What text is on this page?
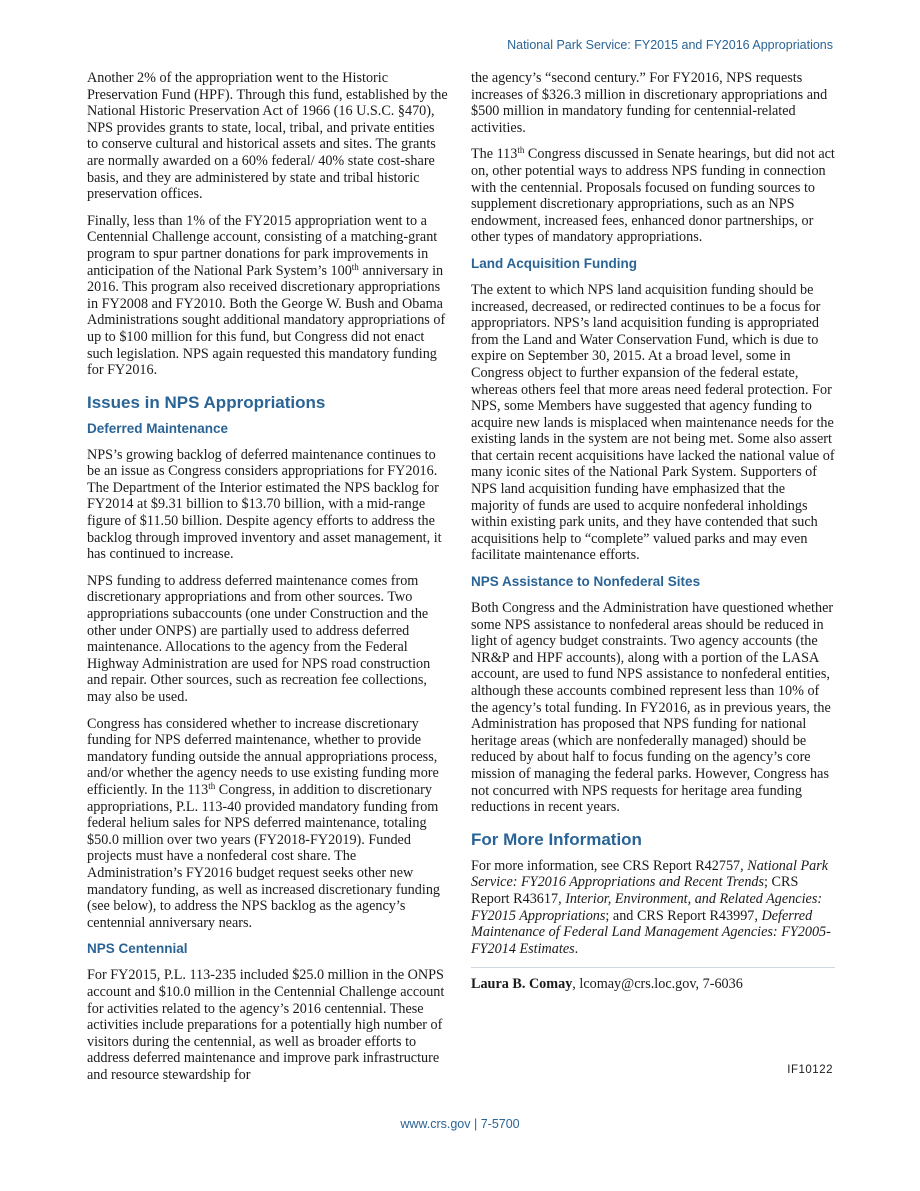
National Park Service: FY2015 and FY2016 Appropriations

Another 2% of the appropriation went to the Historic Preservation Fund (HPF). Through this fund, established by the National Historic Preservation Act of 1966 (16 U.S.C. §470), NPS provides grants to state, local, tribal, and private entities to conserve cultural and historical assets and sites. The grants are normally awarded on a 60% federal/ 40% state cost-share basis, and they are administered by state and tribal historic preservation offices.

Finally, less than 1% of the FY2015 appropriation went to a Centennial Challenge account, consisting of a matching-grant program to spur partner donations for park improvements in anticipation of the National Park System’s 100th anniversary in 2016. This program also received discretionary appropriations in FY2008 and FY2010. Both the George W. Bush and Obama Administrations sought additional mandatory appropriations of up to $100 million for this fund, but Congress did not enact such legislation. NPS again requested this mandatory funding for FY2016.

Issues in NPS Appropriations
Deferred Maintenance

NPS’s growing backlog of deferred maintenance continues to be an issue as Congress considers appropriations for FY2016. The Department of the Interior estimated the NPS backlog for FY2014 at $9.31 billion to $13.70 billion, with a mid-range figure of $11.50 billion. Despite agency efforts to address the backlog through improved inventory and asset management, it has continued to increase.

NPS funding to address deferred maintenance comes from discretionary appropriations and from other sources. Two appropriations subaccounts (one under Construction and the other under ONPS) are partially used to address deferred maintenance. Allocations to the agency from the Federal Highway Administration are used for NPS road construction and repair. Other sources, such as recreation fee collections, may also be used.

Congress has considered whether to increase discretionary funding for NPS deferred maintenance, whether to provide mandatory funding outside the annual appropriations process, and/or whether the agency needs to use existing funding more efficiently. In the 113th Congress, in addition to discretionary appropriations, P.L. 113-40 provided mandatory funding from federal helium sales for NPS deferred maintenance, totaling $50.0 million over two years (FY2018-FY2019). Funded projects must have a nonfederal cost share. The Administration’s FY2016 budget request seeks other new mandatory funding, as well as increased discretionary funding (see below), to address the NPS backlog as the agency’s centennial anniversary nears.

NPS Centennial

For FY2015, P.L. 113-235 included $25.0 million in the ONPS account and $10.0 million in the Centennial Challenge account for activities related to the agency’s 2016 centennial. These activities include preparations for a potentially high number of visitors during the centennial, as well as broader efforts to address deferred maintenance and improve park infrastructure and resource stewardship for

the agency’s “second century.” For FY2016, NPS requests increases of $326.3 million in discretionary appropriations and $500 million in mandatory funding for centennial-related activities.

The 113th Congress discussed in Senate hearings, but did not act on, other potential ways to address NPS funding in connection with the centennial. Proposals focused on funding sources to supplement discretionary appropriations, such as an NPS endowment, increased fees, enhanced donor partnerships, or other types of mandatory appropriations.

Land Acquisition Funding

The extent to which NPS land acquisition funding should be increased, decreased, or redirected continues to be a focus for appropriators. NPS’s land acquisition funding is appropriated from the Land and Water Conservation Fund, which is due to expire on September 30, 2015. At a broad level, some in Congress object to further expansion of the federal estate, whereas others feel that more areas need federal protection. For NPS, some Members have suggested that agency funding to acquire new lands is misplaced when maintenance needs for the existing lands in the system are not being met. Some also assert that certain recent acquisitions have lacked the national value of many iconic sites of the National Park System. Supporters of NPS land acquisition funding have emphasized that the majority of funds are used to acquire nonfederal inholdings within existing park units, and they have contended that such acquisitions help to “complete” valued parks and may even facilitate maintenance efforts.

NPS Assistance to Nonfederal Sites

Both Congress and the Administration have questioned whether some NPS assistance to nonfederal areas should be reduced in light of agency budget constraints. Two agency accounts (the NR&P and HPF accounts), along with a portion of the LASA account, are used to fund NPS assistance to nonfederal entities, although these accounts combined represent less than 10% of the agency’s total funding. In FY2016, as in previous years, the Administration has proposed that NPS funding for national heritage areas (which are nonfederally managed) should be reduced by about half to focus funding on the agency’s core mission of managing the federal parks. However, Congress has not concurred with NPS requests for heritage area funding reductions in recent years.

For More Information

For more information, see CRS Report R42757, National Park Service: FY2016 Appropriations and Recent Trends; CRS Report R43617, Interior, Environment, and Related Agencies: FY2015 Appropriations; and CRS Report R43997, Deferred Maintenance of Federal Land Management Agencies: FY2005-FY2014 Estimates.

Laura B. Comay, lcomay@crs.loc.gov, 7-6036

IF10122
www.crs.gov | 7-5700
